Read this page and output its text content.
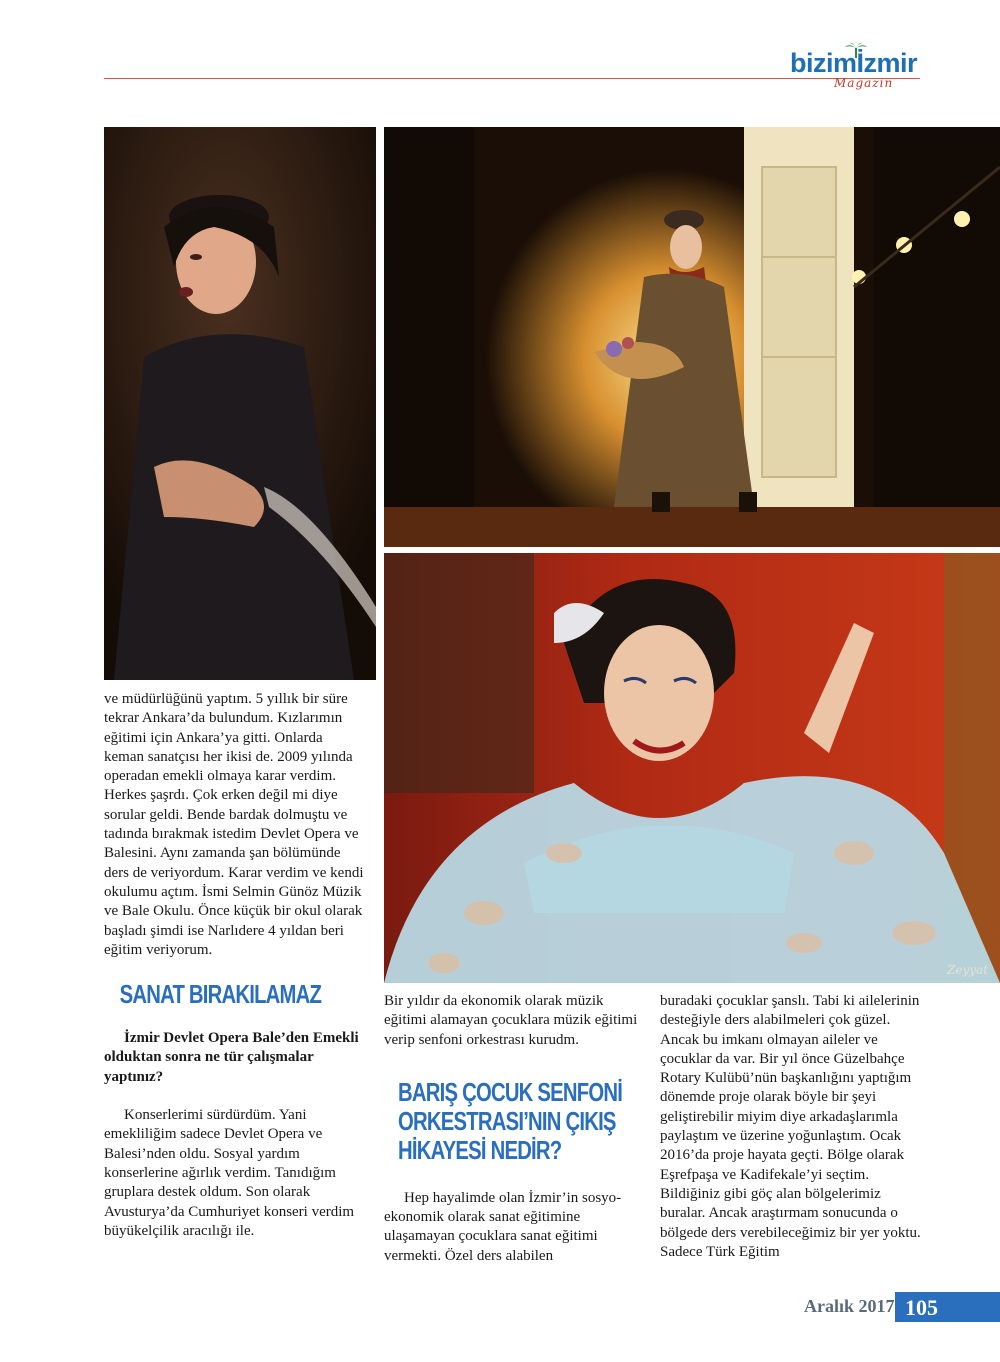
bizimİzmir
Magazin
Zeyyat

ve müdürlüğünü yaptım. 5 yıllık bir süre tekrar Ankara’da bulundum. Kızlarımın eğitimi için Ankara’ya gitti. Onlarda keman sanatçısı her ikisi de. 2009 yılında operadan emekli olmaya karar verdim. Herkes şaşrdı. Çok erken değil mi diye sorular geldi. Bende bardak dolmuştu ve tadında bırakmak istedim Devlet Opera ve Balesini. Aynı zamanda şan bölümünde ders de veriyordum. Karar verdim ve kendi okulumu açtım. İsmi Selmin Günöz Müzik ve Bale Okulu. Önce küçük bir okul olarak başladı şimdi ise Narlıdere 4 yıldan beri eğitim veriyorum.

SANAT BIRAKILAMAZ

İzmir Devlet Opera Bale’den Emekli olduktan sonra ne tür çalışmalar yaptınız?

Konserlerimi sürdürdüm. Yani emekliliğim sadece Devlet Opera ve Balesi’nden oldu. Sosyal yardım konserlerine ağırlık verdim. Tanıdığım gruplara destek oldum. Son olarak Avusturya’da Cumhuriyet konseri verdim büyükelçilik aracılığı ile.

Bir yıldır da ekonomik olarak müzik eğitimi alamayan çocuklara müzik eğitimi verip senfoni orkestrası kurudm.

BARIŞ ÇOCUK SENFONİ
ORKESTRASI’NIN ÇIKIŞ
HİKAYESİ NEDİR?

Hep hayalimde olan İzmir’in sosyo-ekonomik olarak sanat eğitimine ulaşamayan çocuklara sanat eğitimi vermekti. Özel ders alabilen

buradaki çocuklar şanslı. Tabi ki ailelerinin desteğiyle ders alabilmeleri çok güzel. Ancak bu imkanı olmayan aileler ve çocuklar da var. Bir yıl önce Güzelbahçe Rotary Kulübü’nün başkanlığını yaptığım dönemde proje olarak böyle bir şeyi geliştirebilir miyim diye arkadaşlarımla paylaştım ve üzerine yoğunlaştım. Ocak 2016’da proje hayata geçti. Bölge olarak Eşrefpaşa ve Kadifekale’yi seçtim. Bildiğiniz gibi göç alan bölgelerimiz buralar. Ancak araştırmam sonucunda o bölgede ders verebileceğimiz bir yer yoktu. Sadece Türk Eğitim

Aralık 2017 105
